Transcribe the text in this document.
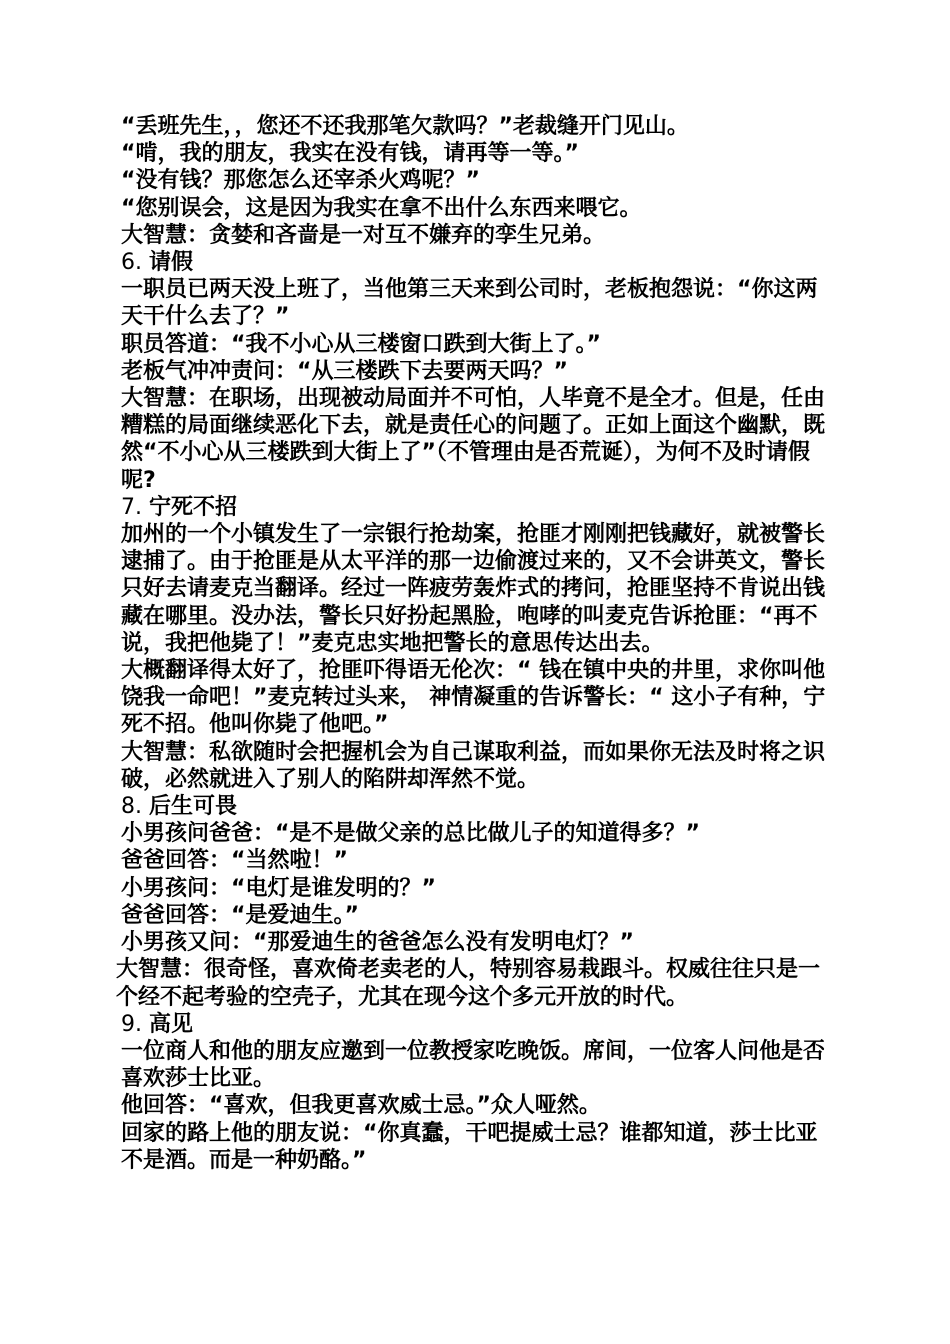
“丢班先生，，您还不还我那笔欠款吗？”老裁缝开门见山。

“啃，我的朋友，我实在没有钱，请再等一等。”

“没有钱？那您怎么还宰杀火鸡呢？”

“您别误会，这是因为我实在拿不出什么东西来喂它。

大智慧：贪婪和吝啬是一对互不嫌弃的孪生兄弟。

6. 请假

一职员已两天没上班了，当他第三天来到公司时，老板抱怨说：“你这两天干什么去了？”

职员答道：“我不小心从三楼窗口跌到大街上了。”

老板气冲冲责问：“从三楼跌下去要两天吗？”

大智慧：在职场，出现被动局面并不可怕，人毕竟不是全才。但是，任由糟糕的局面继续恶化下去，就是责任心的问题了。正如上面这个幽默，既然“不小心从三楼跌到大街上了”（不管理由是否荒诞），为何不及时请假呢?

7. 宁死不招

加州的一个小镇发生了一宗银行抢劫案，抢匪才刚刚把钱藏好，就被警长逮捕了。由于抢匪是从太平洋的那一边偷渡过来的，又不会讲英文，警长只好去请麦克当翻译。经过一阵疲劳轰炸式的拷问，抢匪坚持不肯说出钱藏在哪里。没办法，警长只好扮起黑脸，咆哮的叫麦克告诉抢匪：“再不说，我把他毙了！”麦克忠实地把警长的意思传达出去。

大概翻译得太好了，抢匪吓得语无伦次：“ 钱在镇中央的井里，求你叫他饶我一命吧！”麦克转过头来， 神情凝重的告诉警长：“ 这小子有种，宁死不招。他叫你毙了他吧。”

大智慧：私欲随时会把握机会为自己谋取利益，而如果你无法及时将之识破，必然就进入了别人的陷阱却浑然不觉。

8. 后生可畏

小男孩问爸爸：“是不是做父亲的总比做儿子的知道得多？”

爸爸回答：“当然啦！”

小男孩问：“电灯是谁发明的？”

爸爸回答：“是爱迪生。”

小男孩又问：“那爱迪生的爸爸怎么没有发明电灯？”

大智慧：很奇怪，喜欢倚老卖老的人，特别容易栽跟斗。权威往往只是一个经不起考验的空壳子，尤其在现今这个多元开放的时代。

9. 高见

一位商人和他的朋友应邀到一位教授家吃晚饭。席间，一位客人问他是否喜欢莎士比亚。

他回答：“喜欢，但我更喜欢威士忌。”众人哑然。

回家的路上他的朋友说：“你真蠢，干吧提威士忌？谁都知道，莎士比亚不是酒。而是一种奶酪。”
